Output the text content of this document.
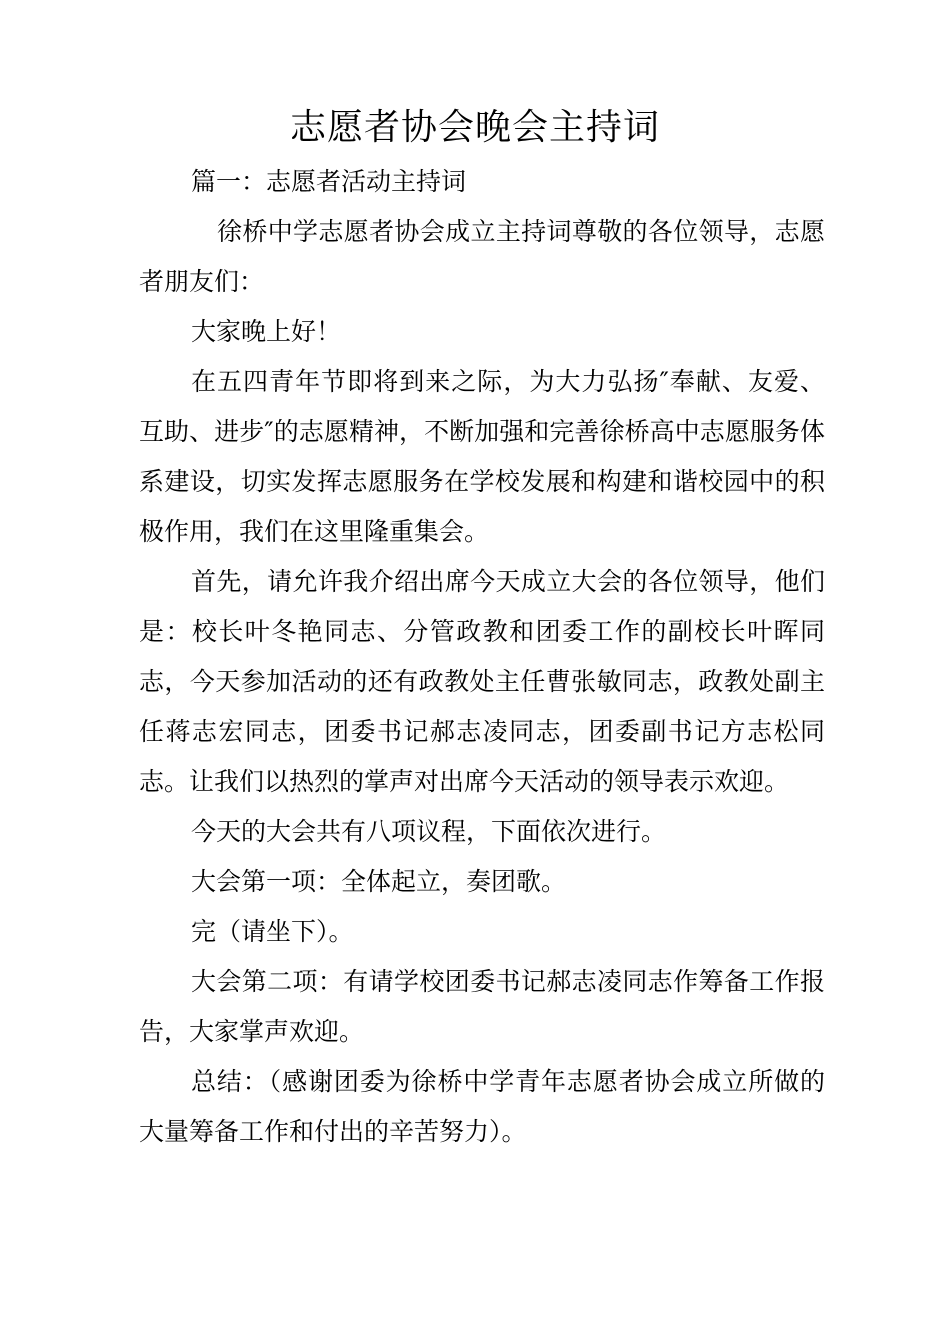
志愿者协会晚会主持词

篇一：志愿者活动主持词

徐桥中学志愿者协会成立主持词尊敬的各位领导，志愿者朋友们：

大家晚上好！

在五四青年节即将到来之际，为大力弘扬″奉献、友爱、互助、进步″的志愿精神，不断加强和完善徐桥高中志愿服务体系建设，切实发挥志愿服务在学校发展和构建和谐校园中的积极作用，我们在这里隆重集会。

首先，请允许我介绍出席今天成立大会的各位领导，他们是：校长叶冬艳同志、分管政教和团委工作的副校长叶晖同志，今天参加活动的还有政教处主任曹张敏同志，政教处副主任蒋志宏同志，团委书记郝志凌同志，团委副书记方志松同志。让我们以热烈的掌声对出席今天活动的领导表示欢迎。

今天的大会共有八项议程，下面依次进行。

大会第一项：全体起立，奏团歌。

完（请坐下）。

大会第二项：有请学校团委书记郝志凌同志作筹备工作报告，大家掌声欢迎。

总结：（感谢团委为徐桥中学青年志愿者协会成立所做的大量筹备工作和付出的辛苦努力）。
